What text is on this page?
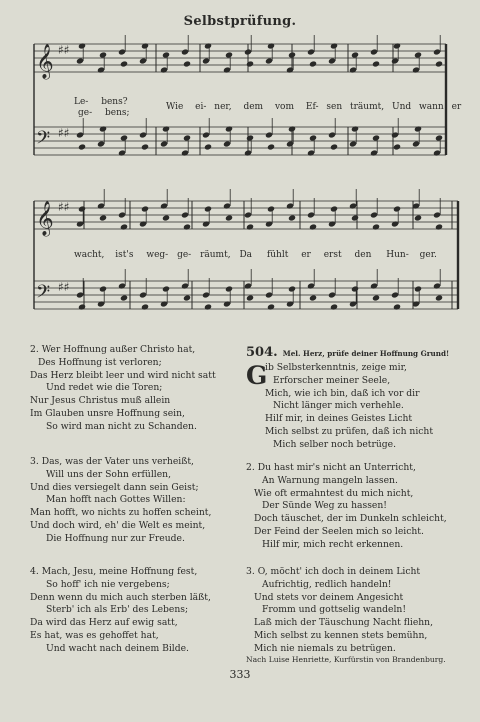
Selbstprüfung.
𝄞 ♯♯
𝄢 ♯♯
𝄞 ♯♯
𝄢 ♯♯
Le- bens?
ge- bens;
Wie ei- ner, dem vom Ef- sen träumt, Und wann er
wacht, ist's weg- ge- räumt, Da fühlt er erst den Hun- ger.
2. Wer Hoffnung außer Christo hat,
Des Hoffnung ist verloren;
Das Herz bleibt leer und wird nicht satt
Und redet wie die Toren;
Nur Jesus Christus muß allein
Im Glauben unsre Hoffnung sein,
So wird man nicht zu Schanden.
3. Das, was der Vater uns verheißt,
Will uns der Sohn erfüllen,
Und dies versiegelt dann sein Geist;
Man hofft nach Gottes Willen:
Man hofft, wo nichts zu hoffen scheint,
Und doch wird, eh' die Welt es meint,
Die Hoffnung nur zur Freude.
4. Mach, Jesu, meine Hoffnung fest,
So hoff' ich nie vergebens;
Denn wenn du mich auch sterben läßt,
Sterb' ich als Erb' des Lebens;
Da wird das Herz auf ewig satt,
Es hat, was es gehoffet hat,
Und wacht nach deinem Bilde.
504. Mel. Herz, prüfe deiner Hoffnung Grund!
G
ib Selbsterkenntnis, zeige mir,
Erforscher meiner Seele,
Mich, wie ich bin, daß ich vor dir
Nicht länger mich verhehle.
Hilf mir, in deines Geistes Licht
Mich selbst zu prüfen, daß ich nicht
Mich selber noch betrüge.
2. Du hast mir's nicht an Unterricht,
An Warnung mangeln lassen.
Wie oft ermahntest du mich nicht,
Der Sünde Weg zu hassen!
Doch täuschet, der im Dunkeln schleicht,
Der Feind der Seelen mich so leicht.
Hilf mir, mich recht erkennen.
3. O, möcht' ich doch in deinem Licht
Aufrichtig, redlich handeln!
Und stets vor deinem Angesicht
Fromm und gottselig wandeln!
Laß mich der Täuschung Nacht fliehn,
Mich selbst zu kennen stets bemühn,
Mich nie niemals zu betrügen.
Nach Luise Henriette, Kurfürstin von Brandenburg.
333
